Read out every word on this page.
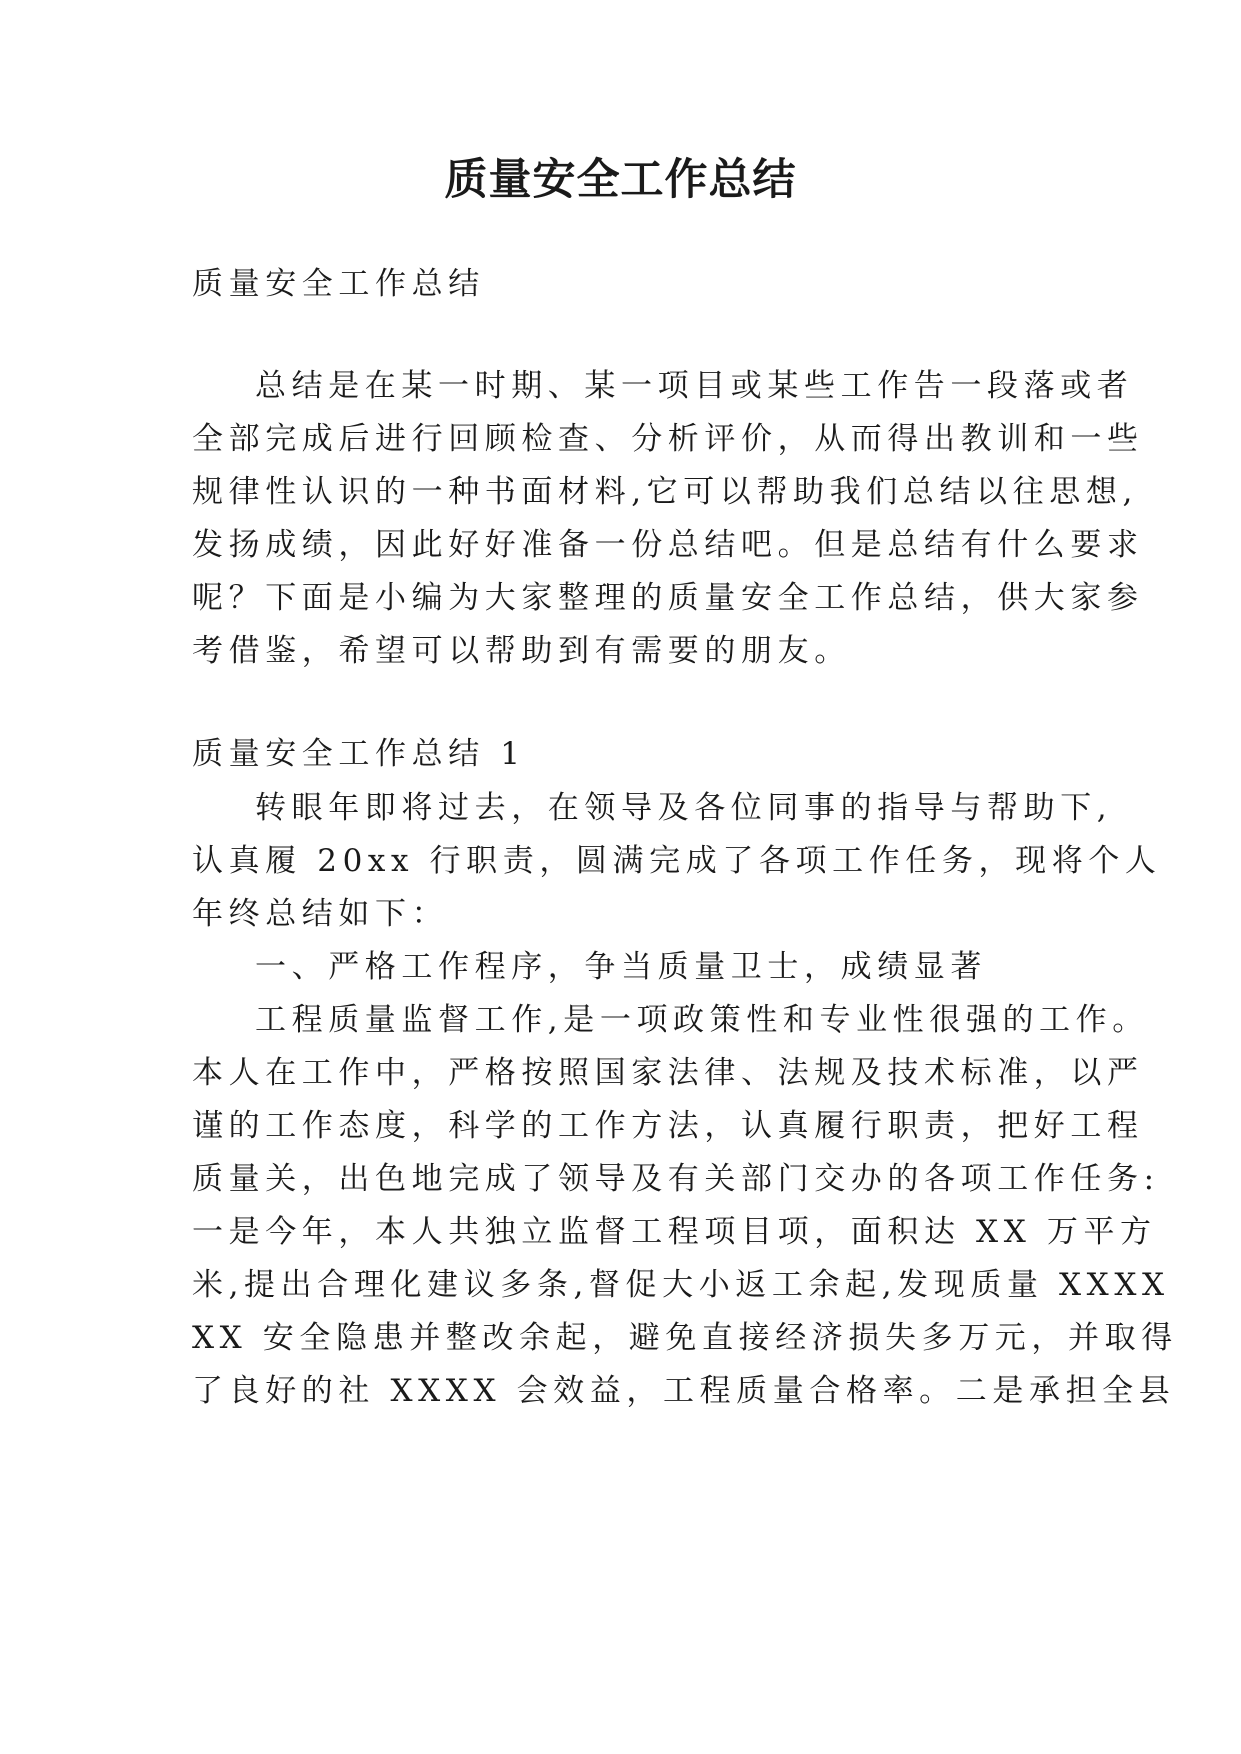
质量安全工作总结

质量安全工作总结

总结是在某一时期、某一项目或某些工作告一段落或者

全部完成后进行回顾检查、分析评价，从而得出教训和一些

规律性认识的一种书面材料,它可以帮助我们总结以往思想,

发扬成绩，因此好好准备一份总结吧。但是总结有什么要求

呢？下面是小编为大家整理的质量安全工作总结，供大家参

考借鉴，希望可以帮助到有需要的朋友。

质量安全工作总结 1

转眼年即将过去，在领导及各位同事的指导与帮助下,

认真履 20xx 行职责，圆满完成了各项工作任务，现将个人

年终总结如下：

一、严格工作程序，争当质量卫士，成绩显著

工程质量监督工作,是一项政策性和专业性很强的工作。

本人在工作中，严格按照国家法律、法规及技术标准，以严

谨的工作态度，科学的工作方法，认真履行职责，把好工程

质量关，出色地完成了领导及有关部门交办的各项工作任务:

一是今年，本人共独立监督工程项目项，面积达 XX 万平方

米,提出合理化建议多条,督促大小返工余起,发现质量 XXXX

XX 安全隐患并整改余起，避免直接经济损失多万元，并取得

了良好的社 XXXX 会效益，工程质量合格率。二是承担全县
